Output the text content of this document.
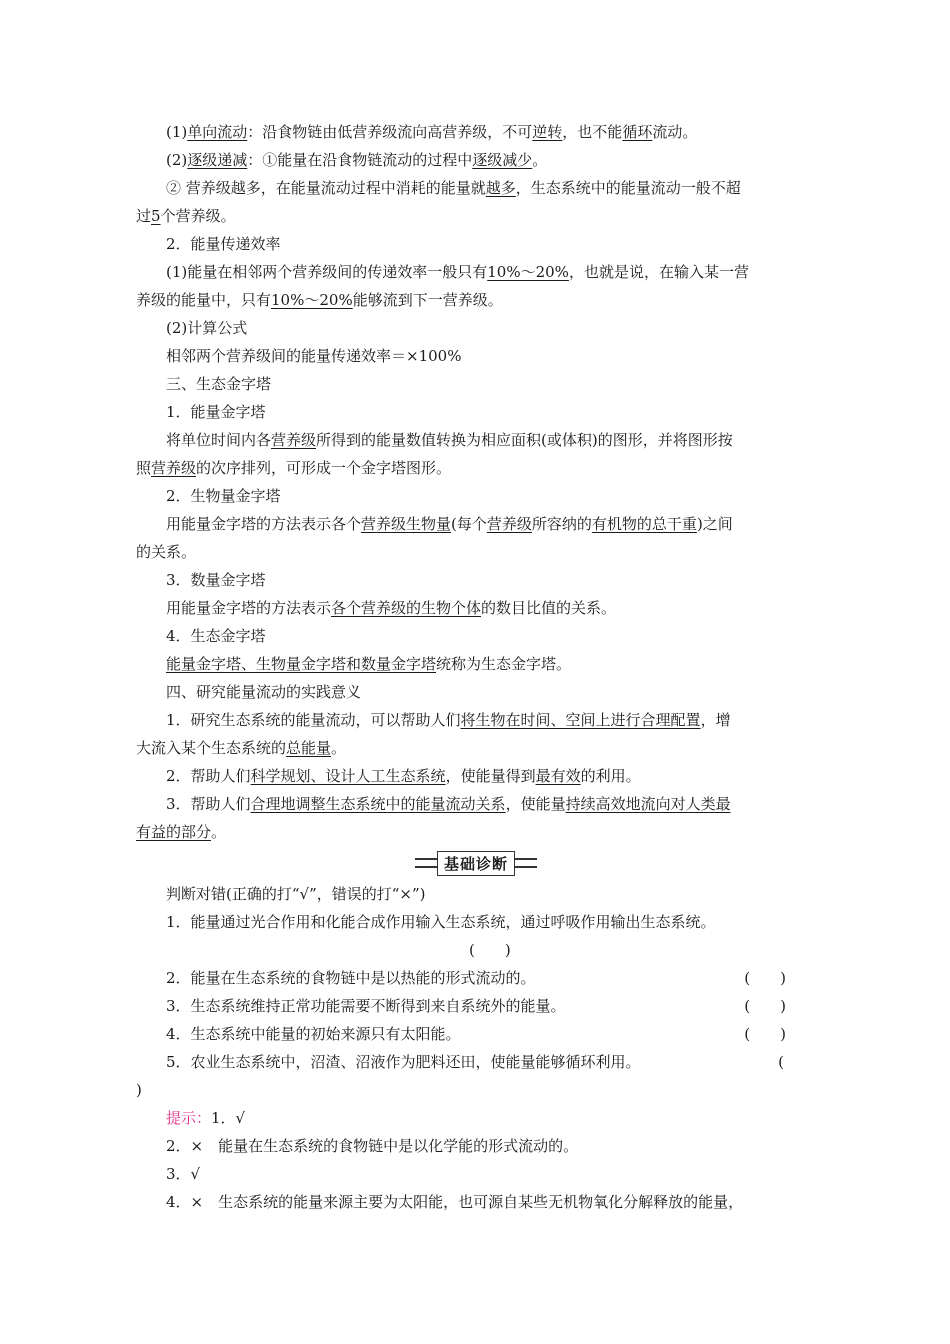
(1)单向流动：沿食物链由低营养级流向高营养级，不可逆转，也不能循环流动。
(2)逐级递减：①能量在沿食物链流动的过程中逐级减少。
② 营养级越多，在能量流动过程中消耗的能量就越多，生态系统中的能量流动一般不超
过5个营养级。
2．能量传递效率
(1)能量在相邻两个营养级间的传递效率一般只有10%～20%，也就是说，在输入某一营
养级的能量中，只有10%～20%能够流到下一营养级。
(2)计算公式
相邻两个营养级间的能量传递效率＝×100%
三、生态金字塔
1．能量金字塔
将单位时间内各营养级所得到的能量数值转换为相应面积(或体积)的图形，并将图形按
照营养级的次序排列，可形成一个金字塔图形。
2．生物量金字塔
用能量金字塔的方法表示各个营养级生物量(每个营养级所容纳的有机物的总干重)之间
的关系。
3．数量金字塔
用能量金字塔的方法表示各个营养级的生物个体的数目比值的关系。
4．生态金字塔
能量金字塔、生物量金字塔和数量金字塔统称为生态金字塔。
四、研究能量流动的实践意义
1．研究生态系统的能量流动，可以帮助人们将生物在时间、空间上进行合理配置，增
大流入某个生态系统的总能量。
2．帮助人们科学规划、设计人工生态系统，使能量得到最有效的利用。
3．帮助人们合理地调整生态系统中的能量流动关系，使能量持续高效地流向对人类最
有益的部分。
基础诊断
判断对错(正确的打“√”，错误的打“×”)
1．能量通过光合作用和化能合成作用输入生态系统，通过呼吸作用输出生态系统。
(　　)
2．能量在生态系统的食物链中是以热能的形式流动的。	(　　)
3．生态系统维持正常功能需要不断得到来自系统外的能量。	(　　)
4．生态系统中能量的初始来源只有太阳能。	(　　)
5．农业生态系统中，沼渣、沼液作为肥料还田，使能量能够循环利用。	(
)
提示：1．√
2．×　能量在生态系统的食物链中是以化学能的形式流动的。
3．√
4．×　生态系统的能量来源主要为太阳能，也可源自某些无机物氧化分解释放的能量，
